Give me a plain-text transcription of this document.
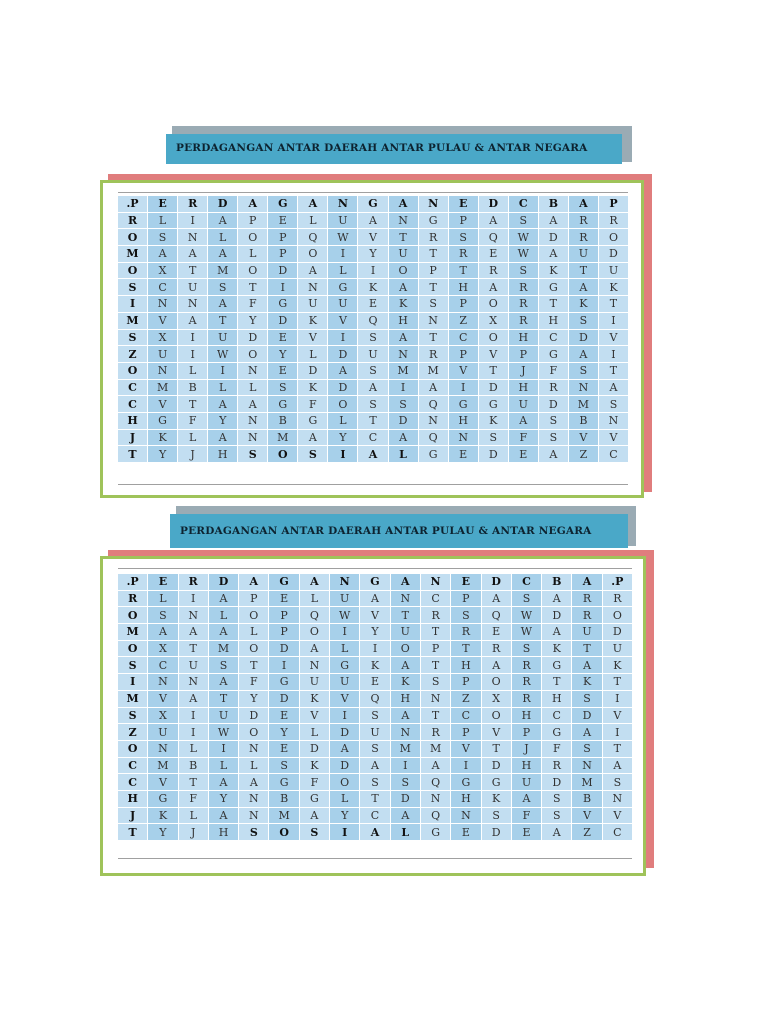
PERDAGANGAN ANTAR DAERAH ANTAR PULAU & ANTAR NEGARA
.P	E	R	D	A	G	A	N	G	A	N	E	D	C	B	A	P
R	L	I	A	P	E	L	U	A	N	G	P	A	S	A	R	R
O	S	N	L	O	P	Q	W	V	T	R	S	Q	W	D	R	O
M	A	A	A	L	P	O	I	Y	U	T	R	E	W	A	U	D
O	X	T	M	O	D	A	L	I	O	P	T	R	S	K	T	U
S	C	U	S	T	I	N	G	K	A	T	H	A	R	G	A	K
I	N	N	A	F	G	U	U	E	K	S	P	O	R	T	K	T
M	V	A	T	Y	D	K	V	Q	H	N	Z	X	R	H	S	I
S	X	I	U	D	E	V	I	S	A	T	C	O	H	C	D	V
Z	U	I	W	O	Y	L	D	U	N	R	P	V	P	G	A	I
O	N	L	I	N	E	D	A	S	M	M	V	T	J	F	S	T
C	M	B	L	L	S	K	D	A	I	A	I	D	H	R	N	A
C	V	T	A	A	G	F	O	S	S	Q	G	G	U	D	M	S
H	G	F	Y	N	B	G	L	T	D	N	H	K	A	S	B	N
J	K	L	A	N	M	A	Y	C	A	Q	N	S	F	S	V	V
T	Y	J	H	S	O	S	I	A	L	G	E	D	E	A	Z	C
PERDAGANGAN ANTAR DAERAH ANTAR PULAU & ANTAR NEGARA
.P	E	R	D	A	G	A	N	G	A	N	E	D	C	B	A	.P
R	L	I	A	P	E	L	U	A	N	C	P	A	S	A	R	R
O	S	N	L	O	P	Q	W	V	T	R	S	Q	W	D	R	O
M	A	A	A	L	P	O	I	Y	U	T	R	E	W	A	U	D
O	X	T	M	O	D	A	L	I	O	P	T	R	S	K	T	U
S	C	U	S	T	I	N	G	K	A	T	H	A	R	G	A	K
I	N	N	A	F	G	U	U	E	K	S	P	O	R	T	K	T
M	V	A	T	Y	D	K	V	Q	H	N	Z	X	R	H	S	I
S	X	I	U	D	E	V	I	S	A	T	C	O	H	C	D	V
Z	U	I	W	O	Y	L	D	U	N	R	P	V	P	G	A	I
O	N	L	I	N	E	D	A	S	M	M	V	T	J	F	S	T
C	M	B	L	L	S	K	D	A	I	A	I	D	H	R	N	A
C	V	T	A	A	G	F	O	S	S	Q	G	G	U	D	M	S
H	G	F	Y	N	B	G	L	T	D	N	H	K	A	S	B	N
J	K	L	A	N	M	A	Y	C	A	Q	N	S	F	S	V	V
T	Y	J	H	S	O	S	I	A	L	G	E	D	E	A	Z	C
